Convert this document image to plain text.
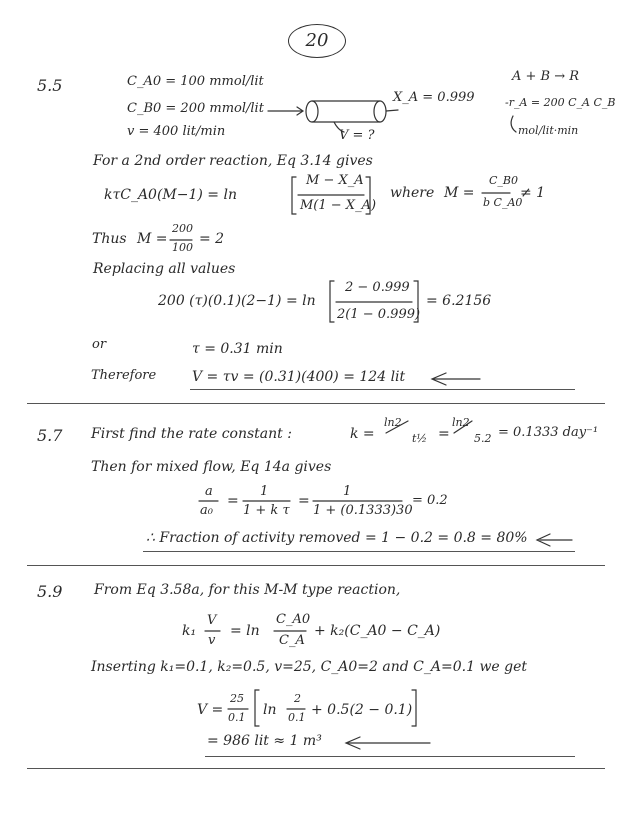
20
5.5	C_A0 = 100 mmol/lit
C_B0 = 200 mmol/lit
v = 400 lit/min
X_A = 0.999
V = ?
A + B → R
-r_A = 200 C_A C_B
mol/lit·min
For a 2nd order reaction, Eq 3.14 gives
kτC_A0(M−1) = ln
M − X_A
M(1 − X_A)
where M =
C_B0
b C_A0
≠ 1
Thus M =
200
100
= 2
Replacing all values
200 (τ)(0.1)(2−1) = ln
2 − 0.999
2(1 − 0.999)
= 6.2156
or	τ = 0.31 min
Therefore	V = τv = (0.31)(400) = 124 lit
5.7 First find the rate constant :	k =
ln2
t½ =
ln2
5.2 = 0.1333 day⁻¹
Then for mixed flow, Eq 14a gives
a
a₀
=
1
1 + k τ
=
1
1 + (0.1333)30
= 0.2
∴ Fraction of activity removed = 1 − 0.2 = 0.8 = 80%
5.9 From Eq 3.58a, for this M-M type reaction,
k₁
V
v
= ln
C_A0
C_A
+ k₂(C_A0 − C_A)
Inserting k₁=0.1, k₂=0.5, v=25, C_A0=2 and C_A=0.1 we get
V =
25
0.1 ln
2
0.1 + 0.5(2 − 0.1)
= 986 lit ≈ 1 m³
